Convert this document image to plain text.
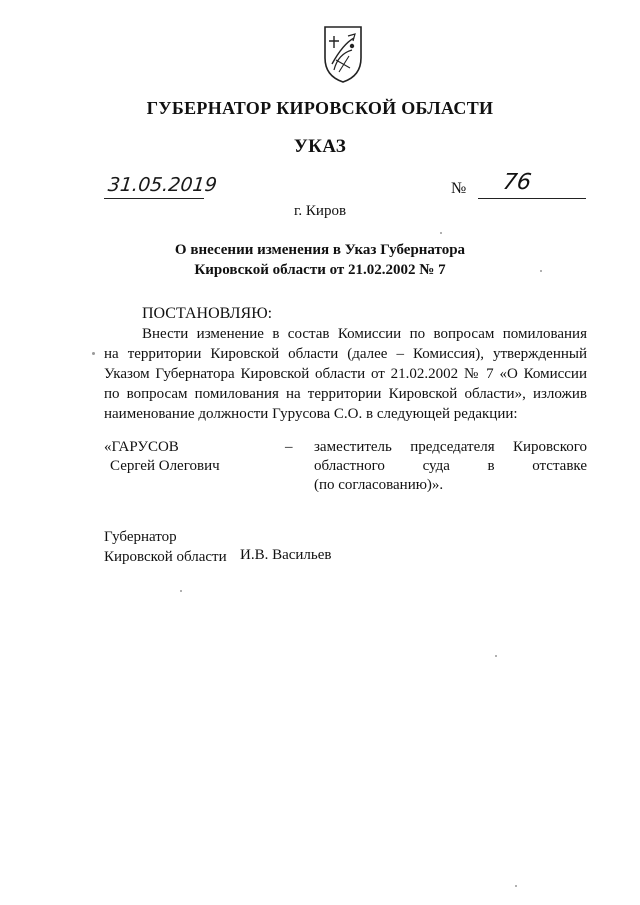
ГУБЕРНАТОР КИРОВСКОЙ ОБЛАСТИ
УКАЗ
31.05.2019	№ 76
г. Киров
О внесении изменения в Указ Губернатора
Кировской области от 21.02.2002 № 7
ПОСТАНОВЛЯЮ:
Внести изменение в состав Комиссии по вопросам помилования
на территории Кировской области (далее – Комиссия), утвержденный
Указом Губернатора Кировской области от 21.02.2002 № 7 «О Комиссии
по вопросам помилования на территории Кировской области», изложив
наименование должности Гурусова С.О. в следующей редакции:
«ГАРУСОВ
Сергей Олегович
– заместитель председателя Кировского
областного суда в отставке
(по согласованию)».
Губернатор
Кировской области И.В. Васильев
